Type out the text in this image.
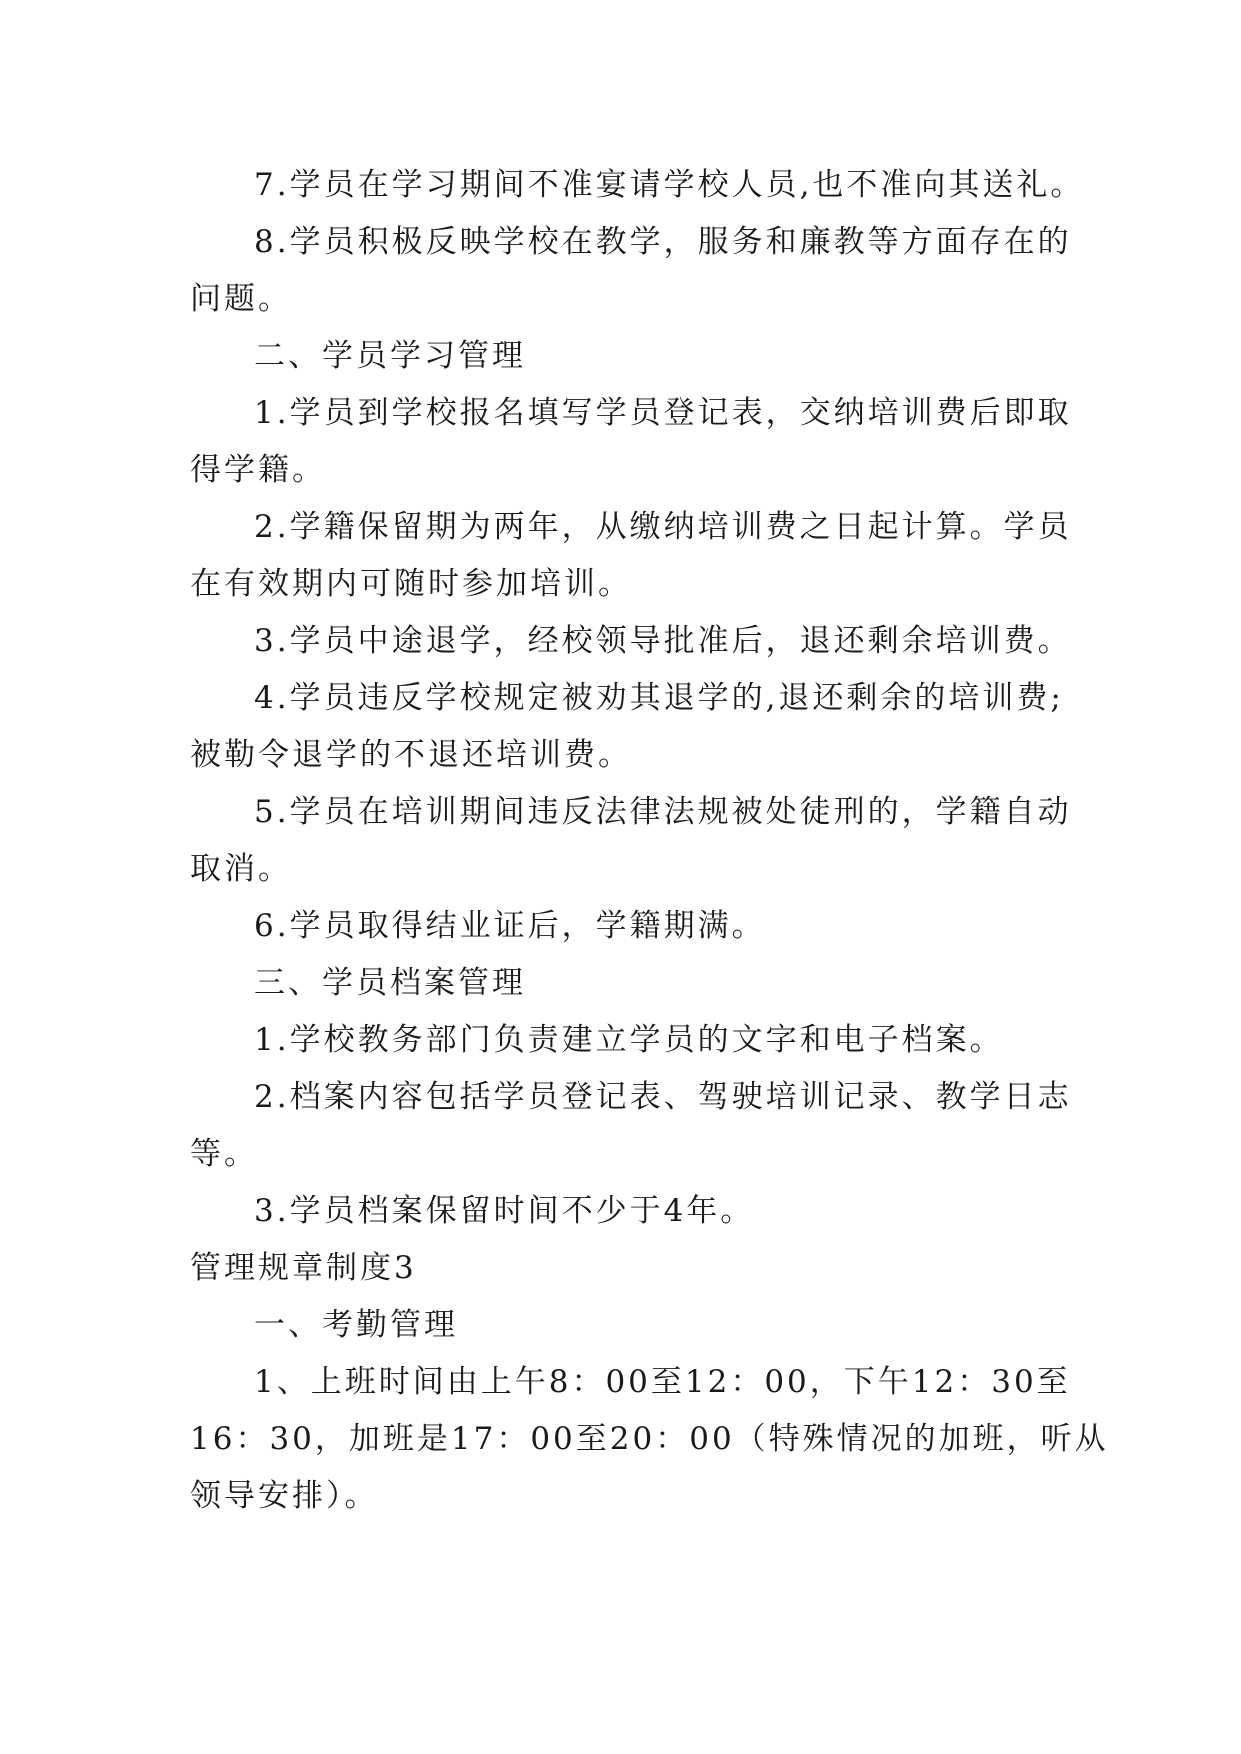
7.学员在学习期间不准宴请学校人员,也不准向其送礼。
8.学员积极反映学校在教学，服务和廉教等方面存在的
问题。
二、学员学习管理
1.学员到学校报名填写学员登记表，交纳培训费后即取
得学籍。
2.学籍保留期为两年，从缴纳培训费之日起计算。学员
在有效期内可随时参加培训。
3.学员中途退学，经校领导批准后，退还剩余培训费。
4.学员违反学校规定被劝其退学的,退还剩余的培训费;
被勒令退学的不退还培训费。
5.学员在培训期间违反法律法规被处徒刑的，学籍自动
取消。
6.学员取得结业证后，学籍期满。
三、学员档案管理
1.学校教务部门负责建立学员的文字和电子档案。
2.档案内容包括学员登记表、驾驶培训记录、教学日志
等。
3.学员档案保留时间不少于4年。
管理规章制度3
一、考勤管理
1、上班时间由上午8：00至12：00，下午12：30至
16：30，加班是17：00至20：00（特殊情况的加班，听从
领导安排）。
